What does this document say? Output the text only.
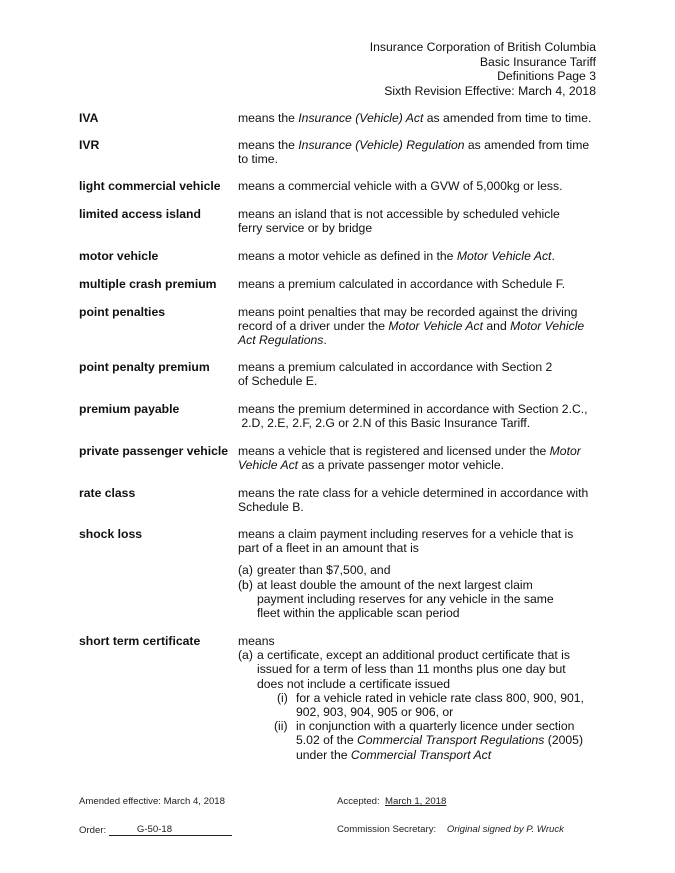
Insurance Corporation of British Columbia
Basic Insurance Tariff
Definitions Page 3
Sixth Revision Effective: March 4, 2018
IVA	means the Insurance (Vehicle) Act as amended from time to time.
IVR	means the Insurance (Vehicle) Regulation as amended from time to time.
light commercial vehicle means a commercial vehicle with a GVW of 5,000kg or less.
limited access island	means an island that is not accessible by scheduled vehicle ferry service or by bridge
motor vehicle	means a motor vehicle as defined in the Motor Vehicle Act.
multiple crash premium means a premium calculated in accordance with Schedule F.
point penalties	means point penalties that may be recorded against the driving record of a driver under the Motor Vehicle Act and Motor Vehicle Act Regulations.
point penalty premium means a premium calculated in accordance with Section 2 of Schedule E.
premium payable	means the premium determined in accordance with Section 2.C.,
2.D, 2.E, 2.F, 2.G or 2.N of this Basic Insurance Tariff.
private passenger vehicle means a vehicle that is registered and licensed under the Motor Vehicle Act as a private passenger motor vehicle.
rate class	means the rate class for a vehicle determined in accordance with Schedule B.
shock loss	means a claim payment including reserves for a vehicle that is part of a fleet in an amount that is

(a) greater than $7,500, and
(b) at least double the amount of the next largest claim payment including reserves for any vehicle in the same fleet within the applicable scan period
short term certificate	means

(a) a certificate, except an additional product certificate that is issued for a term of less than 11 months plus one day but does not include a certificate issued
(i) for a vehicle rated in vehicle rate class 800, 900, 901, 902, 903, 904, 905 or 906, or
(ii) in conjunction with a quarterly licence under section 5.02 of the Commercial Transport Regulations (2005) under the Commercial Transport Act
Amended effective: March 4, 2018	Accepted: March 1, 2018
Order:	G-50-18	Commission Secretary: Original signed by P. Wruck
